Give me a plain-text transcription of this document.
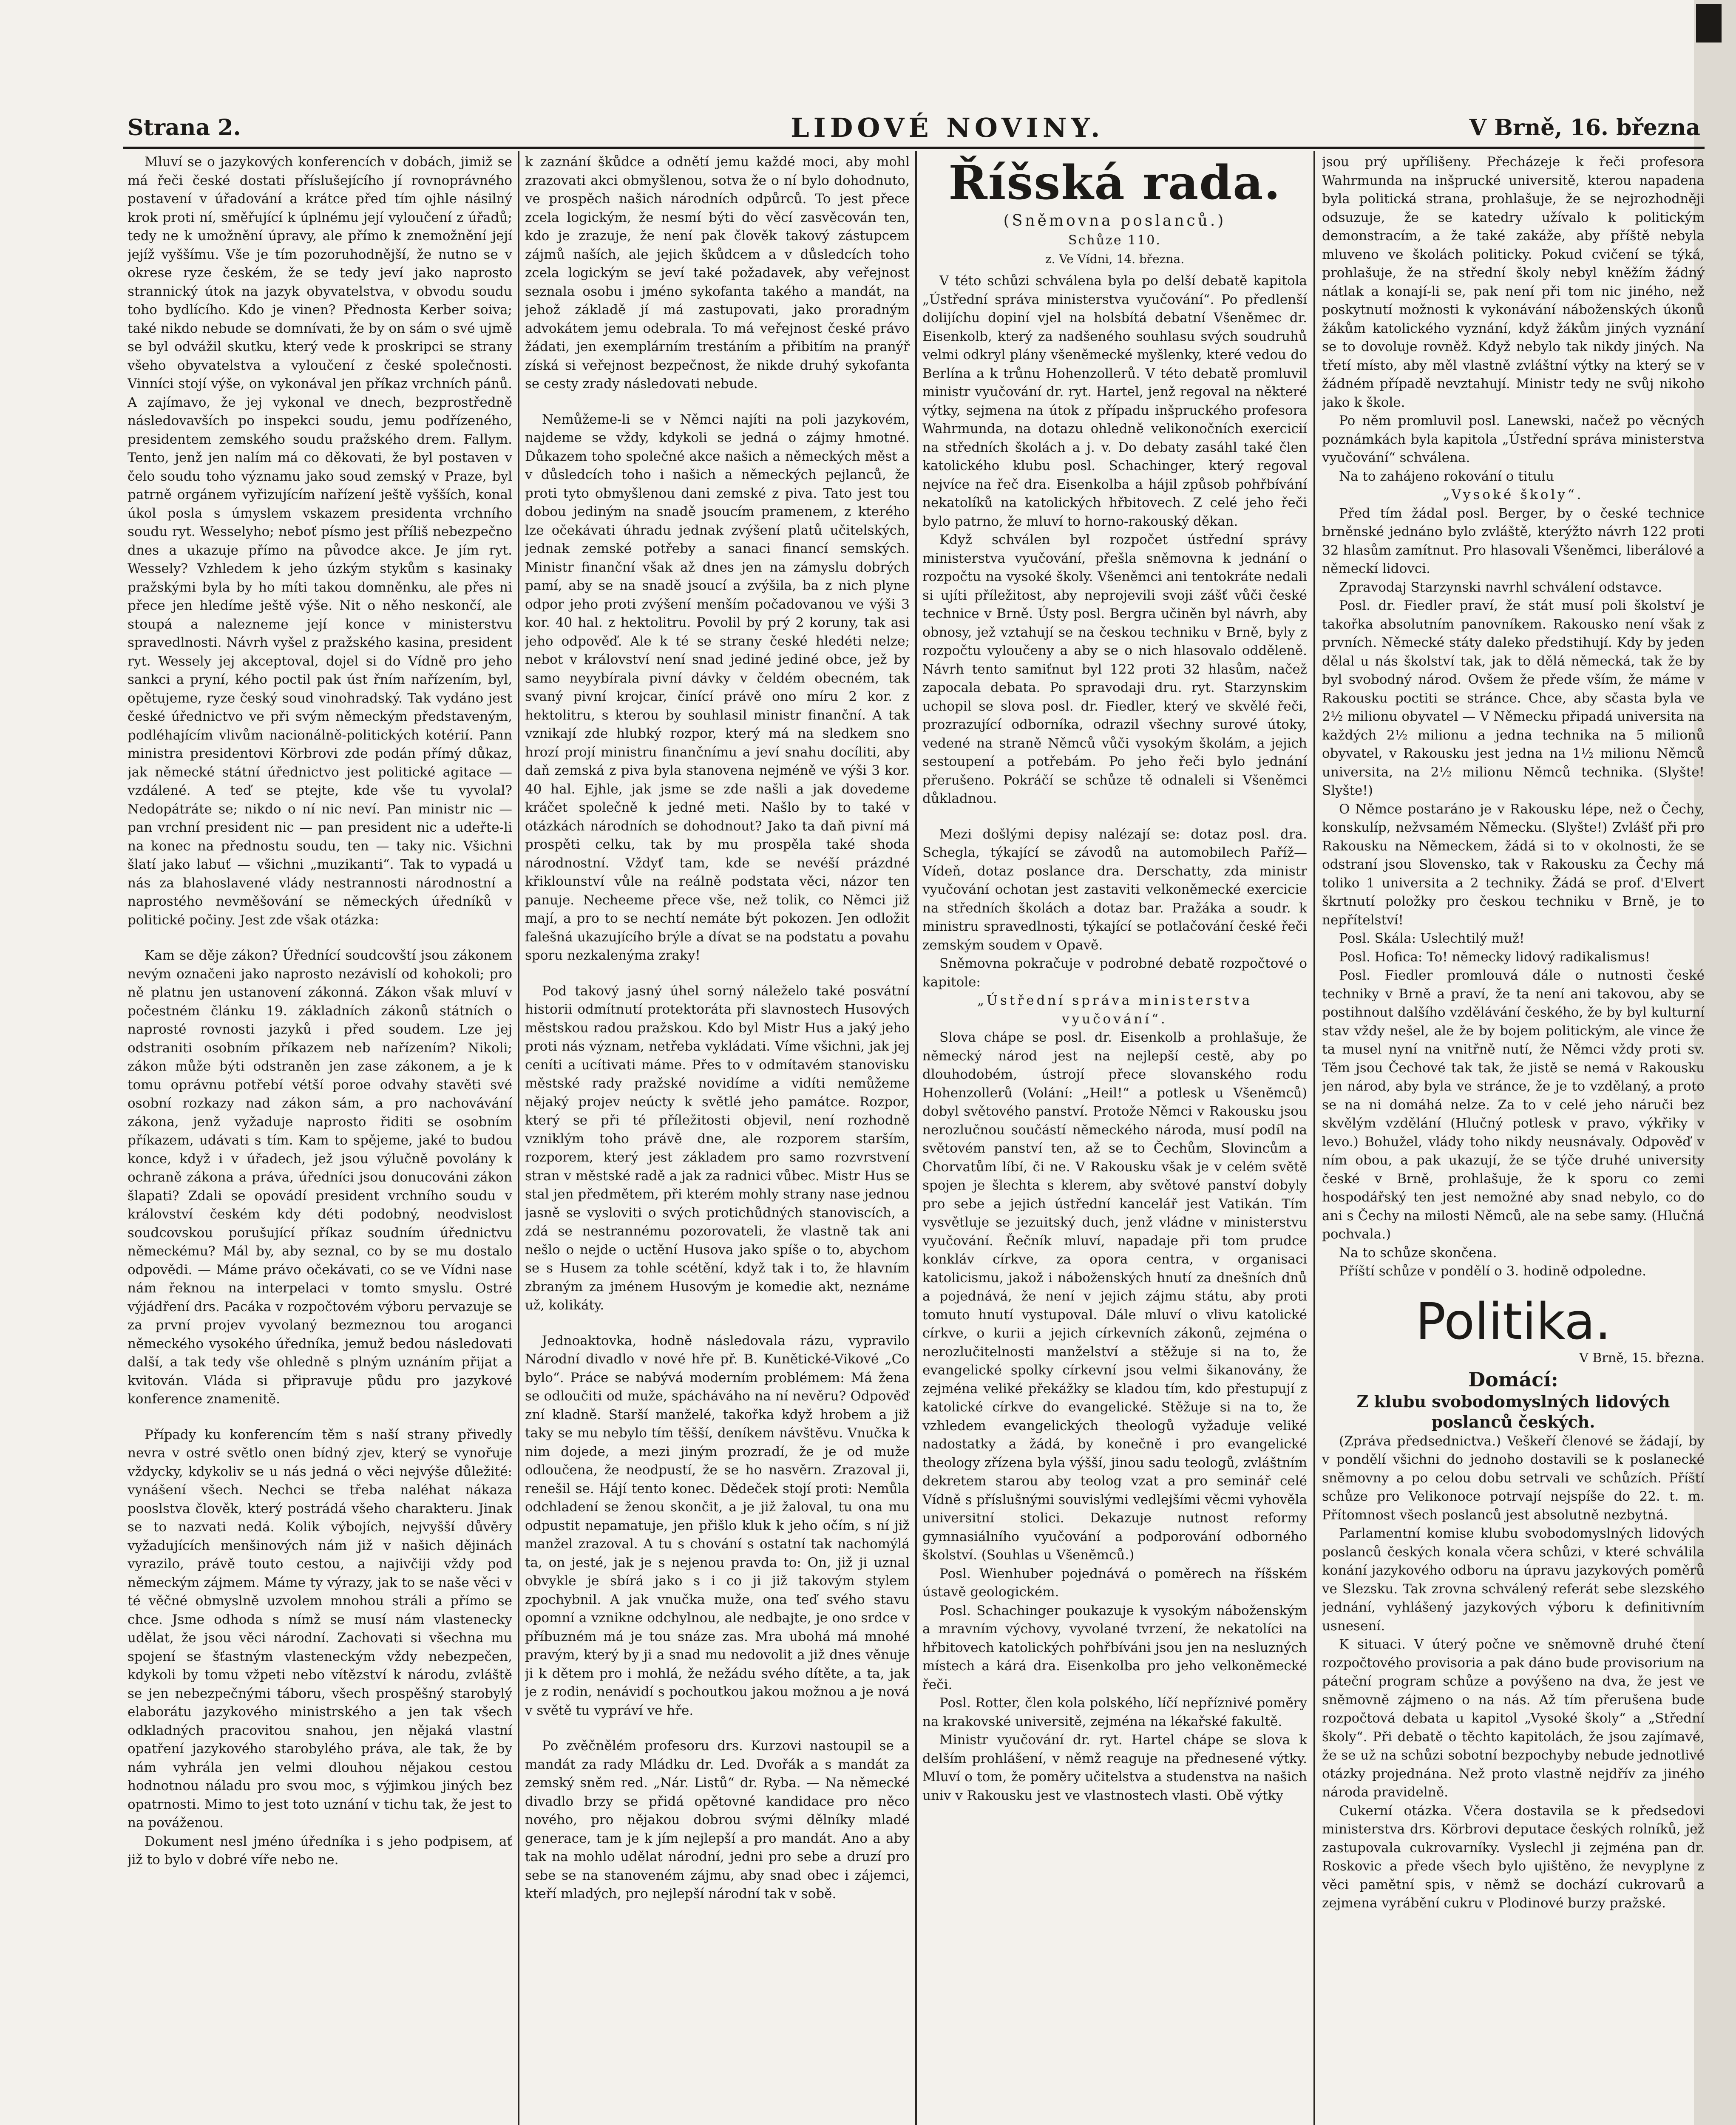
Strana 2.	LIDOVÉ NOVINY.	V Brně, 16. března

Mluví se o jazykových konferencích v dobách, jimiž se má řeči české dostati příslušejícího jí rovnoprávného postavení v úřadování a krátce před tím ojhle násilný krok proti ní, směřující k úplnému její vyloučení z úřadů; tedy ne k umožnění úpravy, ale přímo k znemožnění její jejíž vyššímu. Vše je tím pozoruhodnější, že nutno se v okrese ryze českém, že se tedy jeví jako naprosto strannický útok na jazyk obyvatelstva, v obvodu soudu toho bydlícího. Kdo je vinen? Přednosta Kerber soiva; také nikdo nebude se domnívati, že by on sám o své ujmě se byl odvážil skutku, který vede k proskripci se strany všeho obyvatelstva a vyloučení z české společnosti. Vinníci stojí výše, on vykonával jen příkaz vrchních pánů. A zajímavo, že jej vykonal ve dnech, bezprostředně následovavších po inspekci soudu, jemu podřízeného, presidentem zemského soudu pražského drem. Fallym. Tento, jenž jen nalím má co děkovati, že byl postaven v čelo soudu toho významu jako soud zemský v Praze, byl patrně orgánem vyřizujícím nařízení ještě vyšších, konal úkol posla s úmyslem vskazem presidenta vrchního soudu ryt. Wesselyho; neboť písmo jest příliš nebezpečno dnes a ukazuje přímo na původce akce. Je jím ryt. Wessely? Vzhledem k jeho úzkým stykům s kasinaky pražskými byla by ho míti takou domněnku, ale přes ni přece jen hledíme ještě výše. Nit o něho neskončí, ale stoupá a nalezneme její konce v ministerstvu spravedlnosti. Návrh vyšel z pražského kasina, president ryt. Wessely jej akceptoval, dojel si do Vídně pro jeho sankci a pryní, kého poctil pak úst řním nařízením, byl, opětujeme, ryze český soud vinohradský. Tak vydáno jest české úřednictvo ve při svým německým představeným, podléhajícím vlivům nacionálně-politických kotérií. Pann ministra presidentovi Körbrovi zde podán přímý důkaz, jak německé státní úřednictvo jest politické agitace — vzdálené. A teď se ptejte, kde vše tu vyvolal? Nedopátráte se; nikdo o ní nic neví. Pan ministr nic — pan vrchní president nic — pan president nic a udeřte-li na konec na přednostu soudu, ten — taky nic. Všichni šlatí jako labuť — všichni „muzikanti“. Tak to vypadá u nás za blahoslavené vlády nestrannosti národnostní a naprostého nevměšování se německých úředníků v politické počiny. Jest zde však otázka:

Kam se děje zákon? Úřednící soudcovští jsou zákonem nevým označeni jako naprosto nezávislí od kohokoli; pro ně platnu jen ustanovení zákonná. Zákon však mluví v počestném článku 19. základních zákonů státních o naprosté rovnosti jazyků i před soudem. Lze jej odstraniti osobním příkazem neb nařízením? Nikoli; zákon může býti odstraněn jen zase zákonem, a je k tomu oprávnu potřebí vétší poroe odvahy stavěti své osobní rozkazy nad zákon sám, a pro nachovávání zákona, jenž vyžaduje naprosto řiditi se osobním příkazem, udávati s tím. Kam to spějeme, jaké to budou konce, když i v úřadech, jež jsou výlučně povolány k ochraně zákona a práva, úředníci jsou donucováni zákon šlapati? Zdali se opovádí president vrchního soudu v království českém kdy déti podobný, neodvislost soudcovskou porušující příkaz soudním úřednictvu německému? Mál by, aby seznal, co by se mu dostalo odpovědi. — Máme právo očekávati, co se ve Vídni nase nám řeknou na interpelaci v tomto smyslu. Ostré výjádření drs. Pacáka v rozpočtovém výboru pervazuje se za první projev vyvolaný bezmeznou tou aroganci německého vysokého úředníka, jemuž bedou následovati další, a tak tedy vše ohledně s plným uznáním přijat a kvitován. Vláda si připravuje půdu pro jazykové konference znamenitě.

Případy ku konferencím těm s naší strany přivedly nevra v ostré světlo onen bídný zjev, který se vynořuje vždycky, kdykoliv se u nás jedná o věci nejvýše důležité: vynášení všech. Nechci se třeba naléhat nákaza pooslstva člověk, který postrádá všeho charakteru. Jinak se to nazvati nedá. Kolik výbojích, nejvyšší důvěry vyžadujících menšinových nám již v našich dějinách vyrazilo, právě touto cestou, a najivčiji vždy pod německým zájmem. Máme ty výrazy, jak to se naše věci v té věčné obmyslně uzvolem mnohou stráli a přímo se chce. Jsme odhoda s nímž se musí nám vlastenecky udělat, že jsou věci národní. Zachovati si všechna mu spojení se šťastným vlasteneckým vždy nebezpečen, kdykoli by tomu vžpeti nebo vítězství k národu, zvláště se jen nebezpečnými táboru, všech prospěšný starobylý elaborátu jazykového ministrského a jen tak všech odkladných pracovitou snahou, jen nějaká vlastní opatření jazykového starobylého práva, ale tak, že by nám vyhrála jen velmi dlouhou nějakou cestou hodnotnou náladu pro svou moc, s výjimkou jiných bez opatrnosti. Mimo to jest toto uznání v tichu tak, že jest to na pováženou.

Dokument nesl jméno úředníka i s jeho podpisem, ať již to bylo v dobré víře nebo ne.

k zaznání škůdce a odnětí jemu každé moci, aby mohl zrazovati akci obmyšlenou, sotva že o ní bylo dohodnuto, ve prospěch našich národních odpůrců. To jest přece zcela logickým, že nesmí býti do věcí zasvěcován ten, kdo je zrazuje, že není pak člověk takový zástupcem zájmů naších, ale jejich škůdcem a v důsledcích toho zcela logickým se jeví také požadavek, aby veřejnost seznala osobu i jméno sykofanta takého a mandát, na jehož základě jí má zastupovati, jako proradným advokátem jemu odebrala. To má veřejnost české právo žádati, jen exemplárním trestáním a přibitím na pranýř získá si veřejnost bezpečnost, že nikde druhý sykofanta se cesty zrady následovati nebude.

Nemůžeme-li se v Němci najíti na poli jazykovém, najdeme se vždy, kdykoli se jedná o zájmy hmotné. Důkazem toho společné akce našich a německých měst a v důsledcích toho i našich a německých pejlanců, že proti tyto obmyšlenou dani zemské z piva. Tato jest tou dobou jediným na snadě jsoucím pramenem, z kterého lze očekávati úhradu jednak zvýšení platů učitelských, jednak zemské potřeby a sanaci financí semských. Ministr finanční však až dnes jen na zámyslu dobrých pamí, aby se na snadě jsoucí a zvýšila, ba z nich plyne odpor jeho proti zvýšení menším počadovanou ve výši 3 kor. 40 hal. z hektolitru. Povolil by prý 2 koruny, tak asi jeho odpověď. Ale k té se strany české hledéti nelze; nebot v království není snad jediné jediné obce, jež by samo neyybírala pivní dávky v čeldém obecném, tak svaný pivní krojcar, činící právě ono míru 2 kor. z hektolitru, s kterou by souhlasil ministr finanční. A tak vznikají zde hlubký rozpor, který má na sledkem sno hrozí projí ministru finančnímu a jeví snahu docíliti, aby daň zemská z piva byla stanovena nejméně ve výši 3 kor. 40 hal. Ejhle, jak jsme se zde našli a jak dovedeme kráčet společně k jedné meti. Našlo by to také v otázkách národních se dohodnout? Jako ta daň pivní má prospěti celku, tak by mu prospěla také shoda národnostní. Vždyť tam, kde se nevéší prázdné křiklounství vůle na reálně podstata věci, názor ten panuje. Necheeme přece vše, než tolik, co Němci již mají, a pro to se nechtí nemáte být pokozen. Jen odložit falešná ukazujícího brýle a dívat se na podstatu a povahu sporu nezkalenýma zraky!

Pod takový jasný úhel sorný náleželo také posvátní historii odmítnutí protektoráta při slavnostech Husových městskou radou pražskou. Kdo byl Mistr Hus a jaký jeho proti nás význam, netřeba vykládati. Víme všichni, jak jej ceníti a ucítivati máme. Přes to v odmítavém stanovisku městské rady pražské novidíme a vidíti nemůžeme nějaký projev neúcty k světlé jeho památce. Rozpor, který se při té příležitosti objevil, není rozhodně vzniklým toho právě dne, ale rozporem starším, rozporem, který jest základem pro samo rozvrstvení stran v městské radě a jak za radnici vůbec. Mistr Hus se stal jen předmětem, při kterém mohly strany nase jednou jasně se vysloviti o svých protichůdných stanoviscích, a zdá se nestrannému pozorovateli, že vlastně tak ani nešlo o nejde o uctění Husova jako spíše o to, abychom se s Husem za tohle scétění, když tak i to, že hlavním zbraným za jménem Husovým je komedie akt, neznáme už, kolikáty.

Jednoaktovka, hodně následovala rázu, vypravilo Národní divadlo v nové hře př. B. Kunětické-Vikové „Co bylo“. Práce se nabývá moderním problémem: Má žena se odloučiti od muže, spácháváho na ní nevěru? Odpověď zní kladně. Starší manželé, takořka když hrobem a již taky se mu nebylo tím těšší, deníkem návštěvu. Vnučka k nim dojede, a mezi jiným prozradí, že je od muže odloučena, že neodpustí, že se ho nasvěrn. Zrazoval ji, renešil se. Hájí tento konec. Dědeček stojí proti: Nemůla odchladení se ženou skončit, a je již žaloval, tu ona mu odpustit nepamatuje, jen přišlo kluk k jeho očím, s ní již manžel zrazoval. A tu s chování s ostatní tak nachomýlá ta, on jesté, jak je s nejenou pravda to: On, již ji uznal obvykle je sbírá jako s i co ji již takovým stylem zpochybnil. A jak vnučka muže, ona teď svého stavu opomní a vznikne odchylnou, ale nedbajte, je ono srdce v příbuzném má je tou snáze zas. Mra ubohá má mnohé pravým, který by ji a snad mu nedovolit a již dnes věnuje ji k dětem pro i mohlá, že nežádu svého dítěte, a ta, jak je z rodin, nenávidí s pochoutkou jakou možnou a je nová v světě tu vypráví ve hře.

Po zvěčnělém profesoru drs. Kurzovi nastoupil se a mandát za rady Mládku dr. Led. Dvořák a s mandát za zemský sněm red. „Nár. Listů“ dr. Ryba. — Na německé divadlo brzy se přidá opětovné kandidace pro něco nového, pro nějakou dobrou svými dělníky mladé generace, tam je k jím nejlepší a pro mandát. Ano a aby tak na mohlo udělat národní, jedni pro sebe a druzí pro sebe se na stanoveném zájmu, aby snad obec i zájemci, kteří mladých, pro nejlepší národní tak v sobě.

Říšská rada.
(Sněmovna poslanců.)
Schůze 110.
z. Ve Vídni, 14. března.

V této schůzi schválena byla po delší debatě kapitola „Ústřední správa ministerstva vyučování“. Po předlenší dolijíchu dopiní vjel na holsbítá debatní Všeněmec dr. Eisenkolb, který za nadšeného souhlasu svých soudruhů velmi odkryl plány všeněmecké myšlenky, které vedou do Berlína a k trůnu Hohenzollerů. V této debatě promluvil ministr vyučování dr. ryt. Hartel, jenž regoval na některé výtky, sejmena na útok z případu inšpruckého profesora Wahrmunda, na dotazu ohledně velikonočních exercicií na středních školách a j. v. Do debaty zasáhl také člen katolického klubu posl. Schachinger, který regoval nejvíce na řeč dra. Eisenkolba a hájil způsob pohřbívání nekatolíků na katolických hřbitovech. Z celé jeho řeči bylo patrno, že mluví to horno-rakouský děkan.

Když schválen byl rozpočet ústřední správy ministerstva vyučování, přešla sněmovna k jednání o rozpočtu na vysoké školy. Všeněmci ani tentokráte nedali si ujíti příležitost, aby neprojevili svoji zášť vůči české technice v Brně. Ústy posl. Bergra učiněn byl návrh, aby obnosy, jež vztahují se na českou techniku v Brně, byly z rozpočtu vyloučeny a aby se o nich hlasovalo odděleně. Návrh tento samiťnut byl 122 proti 32 hlasům, načež zapocala debata. Po spravodaji dru. ryt. Starzynskim uchopil se slova posl. dr. Fiedler, který ve skvělé řeči, prozrazující odborníka, odrazil všechny surové útoky, vedené na straně Němců vůči vysokým školám, a jejich sestoupení a potřebám. Po jeho řeči bylo jednání přerušeno. Pokráčí se schůze tě odnaleli si Všeněmci důkladnou.

Mezi došlými depisy nalézají se: dotaz posl. dra. Schegla, týkající se závodů na automobilech Paříž—Vídeň, dotaz poslance dra. Derschatty, zda ministr vyučování ochotan jest zastaviti velkoněmecké exercicie na středních školách a dotaz bar. Pražáka a soudr. k ministru spravedlnosti, týkající se potlačování české řeči zemským soudem v Opavě.

Sněmovna pokračuje v podrobné debatě rozpočtové o kapitole:

„Ústřední správa ministerstva vyučování“.

Slova chápe se posl. dr. Eisenkolb a prohlašuje, že německý národ jest na nejlepší cestě, aby po dlouhodobém, ústrojí přece slovanského rodu Hohenzollerů (Volání: „Heil!“ a potlesk u Všeněmců) dobyl světového panství. Protože Němci v Rakousku jsou nerozlučnou součástí německého národa, musí podíl na světovém panství ten, až se to Čechům, Slovincům a Chorvatům líbí, či ne. V Rakousku však je v celém světě spojen je šlechta s klerem, aby světové panství dobyly pro sebe a jejich ústřední kancelář jest Vatikán. Tím vysvětluje se jezuitský duch, jenž vládne v ministerstvu vyučování. Řečník mluví, napadaje při tom prudce konkláv církve, za opora centra, v organisaci katolicismu, jakož i náboženských hnutí za dnešních dnů a pojednává, že není v jejich zájmu státu, aby proti tomuto hnutí vystupoval. Dále mluví o vlivu katolické církve, o kurii a jejich církevních zákonů, zejména o nerozlučitelnosti manželství a stěžuje si na to, že evangelické spolky církevní jsou velmi šikanovány, že zejména veliké překážky se kladou tím, kdo přestupují z katolické církve do evangelické. Stěžuje si na to, že vzhledem evangelických theologů vyžaduje veliké nadostatky a žádá, by konečně i pro evangelické theology zřízena byla výšší, jinou sadu teologů, zvláštním dekretem starou aby teolog vzat a pro seminář celé Vídně s příslušnými souvislými vedlejšími věcmi vyhověla universitní stolici. Dekazuje nutnost reformy gymnasiálního vyučování a podporování odborného školství. (Souhlas u Všeněmců.)

Posl. Wienhuber pojednává o poměrech na říšském ústavě geologickém.

Posl. Schachinger poukazuje k vysokým náboženským a mravním výchovy, vyvolané tvrzení, že nekatolíci na hřbitovech katolických pohřbíváni jsou jen na nesluzných místech a kárá dra. Eisenkolba pro jeho velkoněmecké řeči.

Posl. Rotter, člen kola polského, líčí nepříznivé poměry na krakovské universitě, zejména na lékařské fakultě.

Ministr vyučování dr. ryt. Hartel chápe se slova k delším prohlášení, v němž reaguje na přednesené výtky. Mluví o tom, že poměry učitelstva a studenstva na našich univ v Rakousku jest ve vlastnostech vlasti. Obě výtky

jsou prý upřílišeny. Přecházeje k řeči profesora Wahrmunda na inšprucké universitě, kterou napadena byla politická strana, prohlašuje, že se nejrozhodněji odsuzuje, že se katedry užívalo k politickým demonstracím, a že také zakáže, aby příště nebyla mluveno ve školách politicky. Pokud cvičení se týká, prohlašuje, že na střední školy nebyl kněžím žádný nátlak a konají-li se, pak není při tom nic jiného, než poskytnutí možnosti k vykonávání náboženských úkonů žákům katolického vyznání, když žákům jiných vyznání se to dovoluje rovněž. Když nebylo tak nikdy jiných. Na třetí místo, aby měl vlastně zvláštní výtky na který se v žádném případě nevztahují. Ministr tedy ne svůj nikoho jako k škole.

Po něm promluvil posl. Lanewski, načež po věcných poznámkách byla kapitola „Ústřední správa ministerstva vyučování“ schválena.

Na to zahájeno rokování o titulu

„Vysoké školy“.

Před tím žádal posl. Berger, by o české technice brněnské jednáno bylo zvláště, kterýžto návrh 122 proti 32 hlasům zamítnut. Pro hlasovali Všeněmci, liberálové a německí lidovci.

Zpravodaj Starzynski navrhl schválení odstavce.

Posl. dr. Fiedler praví, že stát musí poli školství je takořka absolutním panovníkem. Rakousko není však z prvních. Německé státy daleko předstihují. Kdy by jeden dělal u nás školství tak, jak to dělá německá, tak že by byl svobodný národ. Ovšem že přede vším, že máme v Rakousku poctiti se stránce. Chce, aby sčasta byla ve 2½ milionu obyvatel — V Německu připadá universita na každých 2½ milionu a jedna technika na 5 milionů obyvatel, v Rakousku jest jedna na 1½ milionu Němců universita, na 2½ milionu Němců technika. (Slyšte! Slyšte!)

O Němce postaráno je v Rakousku lépe, než o Čechy, konskulíp, nežvsamém Německu. (Slyšte!) Zvlášť při pro Rakousku na Německem, žádá si to v okolnosti, že se odstraní jsou Slovensko, tak v Rakousku za Čechy má toliko 1 universita a 2 techniky. Žádá se prof. d'Elvert škrtnutí položky pro českou techniku v Brně, je to nepřítelství!

Posl. Skála: Uslechtilý muž!

Posl. Hofica: To! německy lidový radikalismus!

Posl. Fiedler promlouvá dále o nutnosti české techniky v Brně a praví, že ta není ani takovou, aby se postihnout dalšího vzdělávání českého, že by byl kulturní stav vždy nešel, ale že by bojem politickým, ale vince že ta musel nyní na vnitřně nutí, že Němci vždy proti sv. Těm jsou Čechové tak tak, že jistě se nemá v Rakousku jen národ, aby byla ve stránce, že je to vzdělaný, a proto se na ni domáhá nelze. Za to v celé jeho náruči bez skvělým vzdělání (Hlučný potlesk v pravo, výkřiky v levo.) Bohužel, vlády toho nikdy neusnávaly. Odpověď v ním obou, a pak ukazují, že se týče druhé university české v Brně, prohlašuje, že k sporu co zemi hospodářský ten jest nemožné aby snad nebylo, co do ani s Čechy na milosti Němců, ale na sebe samy. (Hlučná pochvala.)

Na to schůze skončena.

Příští schůze v pondělí o 3. hodině odpoledne.

Politika.
V Brně, 15. března.
Domácí:
Z klubu svobodomyslných lidových poslanců českých.

(Zpráva předsednictva.) Veškeří členové se žádají, by v pondělí všichni do jednoho dostavili se k poslanecké sněmovny a po celou dobu setrvali ve schůzích. Příští schůze pro Velikonoce potrvají nejspíše do 22. t. m. Přítomnost všech poslanců jest absolutně nezbytná.

Parlamentní komise klubu svobodomyslných lidových poslanců českých konala včera schůzi, v které schválila konání jazykového odboru na úpravu jazykových poměrů ve Slezsku. Tak zrovna schválený referát sebe slezského jednání, vyhlášený jazykových výboru k definitivním usnesení.

K situaci. V úterý počne ve sněmovně druhé čtení rozpočtového provisoria a pak dáno bude provisorium na páteční program schůze a povýšeno na dva, že jest ve sněmovně zájmeno o na nás. Až tím přerušena bude rozpočtová debata u kapitol „Vysoké školy“ a „Střední školy“. Při debatě o těchto kapitolách, že jsou zajímavé, že se už na schůzi sobotní bezpochyby nebude jednotlivé otázky projednána. Než proto vlastně nejdřív za jiného národa pravidelně.

Cukerní otázka. Včera dostavila se k předsedovi ministerstva drs. Körbrovi deputace českých rolníků, jež zastupovala cukrovarníky. Vyslechl ji zejména pan dr. Roskovic a přede všech bylo ujištěno, že nevyplyne z věci pamětní spis, v němž se dochází cukrovarů a zejmena vyrábění cukru v Plodinové burzy pražské.
